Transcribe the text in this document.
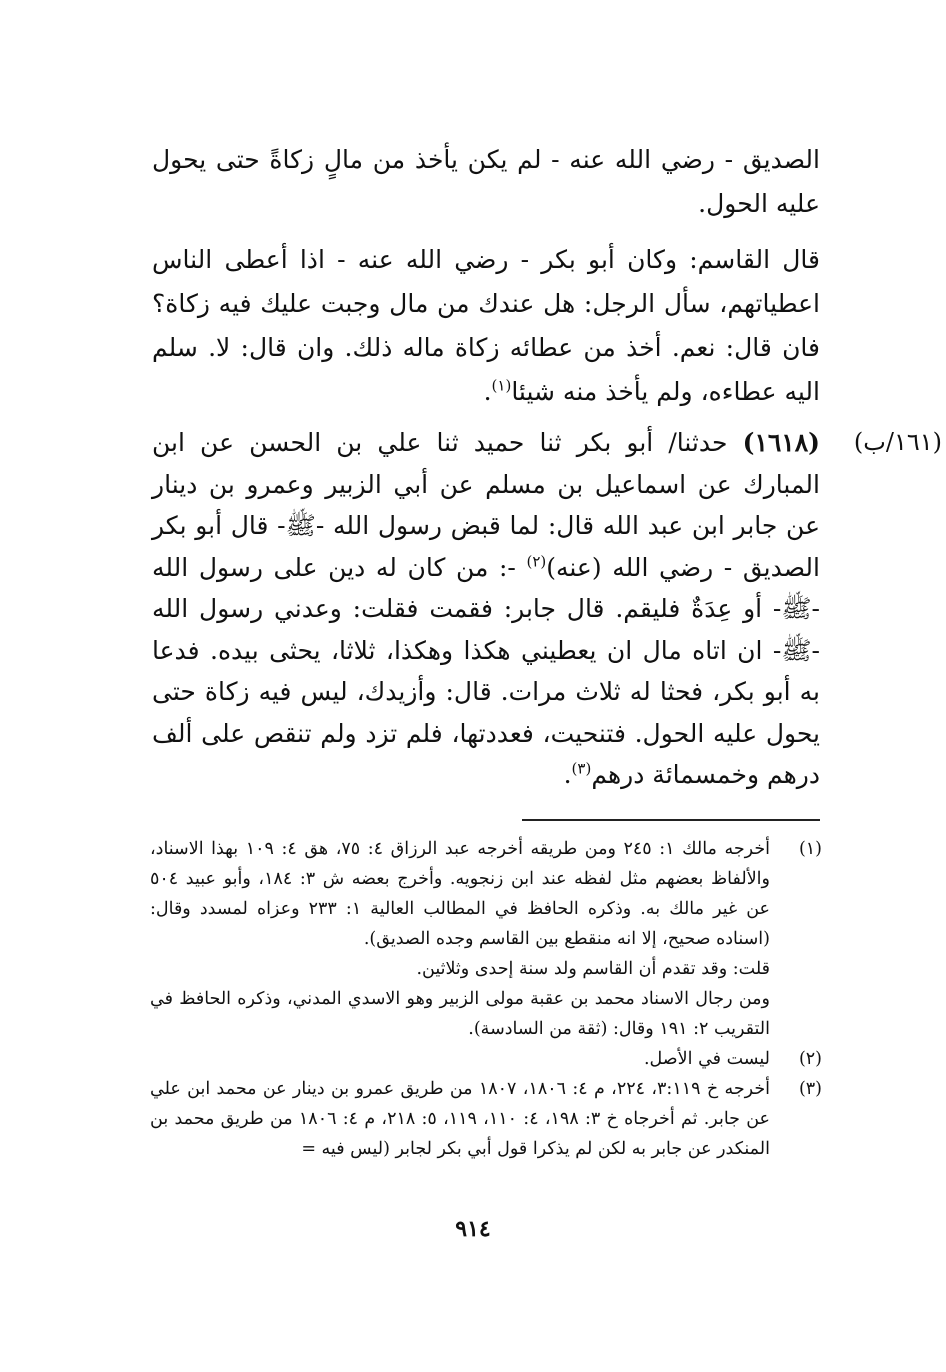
الصديق - رضي الله عنه - لم يكن يأخذ من مالٍ زكاةً حتى يحول عليه الحول.

قال القاسم: وكان أبو بكر - رضي الله عنه - اذا أعطى الناس اعطياتهم، سأل الرجل: هل عندك من مال وجبت عليك فيه زكاة؟ فان قال: نعم. أخذ من عطائه زكاة ماله ذلك. وان قال: لا. سلم اليه عطاءه، ولم يأخذ منه شيئا$^{(١)}$.

(١٦١/ب)

(١٦١٨) حدثنا/ أبو بكر ثنا حميد ثنا علي بن الحسن عن ابن المبارك عن اسماعيل بن مسلم عن أبي الزبير وعمرو بن دينار عن جابر ابن عبد الله قال: لما قبض رسول الله -ﷺ- قال أبو بكر الصديق - رضي الله (عنه)$^{(٢)}$ -: من كان له دين على رسول الله -ﷺ- أو عِدَةٌ فليقم. قال جابر: فقمت فقلت: وعدني رسول الله -ﷺ- ان اتاه مال ان يعطيني هكذا وهكذا، ثلاثا، يحثى بيده. فدعا به أبو بكر، فحثا له ثلاث مرات. قال: وأزيدك، ليس فيه زكاة حتى يحول عليه الحول. فتنحيت، فعددتها، فلم تزد ولم تنقص على ألف درهم وخمسمائة درهم$^{(٣)}$.

(١)
أخرجه مالك ١: ٢٤٥ ومن طريقه أخرجه عبد الرزاق ٤: ٧٥، هق ٤: ١٠٩ بهذا الاسناد، والألفاظ بعضهم مثل لفظه عند ابن زنجويه. وأخرج بعضه ش ٣: ١٨٤، وأبو عبيد ٥٠٤ عن غير مالك به. وذكره الحافظ في المطالب العالية ١: ٢٣٣ وعزاه لمسدد وقال: (اسناده صحيح، إلا انه منقطع بين القاسم وجده الصديق).

قلت: وقد تقدم أن القاسم ولد سنة إحدى وثلاثين.

ومن رجال الاسناد محمد بن عقبة مولى الزبير وهو الاسدي المدني، وذكره الحافظ في التقريب ٢: ١٩١ وقال: (ثقة من السادسة).

(٢)
ليست في الأصل.
(٣)
أخرجه خ ٣:١١٩، ٢٢٤، م ٤: ١٨٠٦، ١٨٠٧ من طريق عمرو بن دينار عن محمد ابن علي عن جابر. ثم أخرجاه خ ٣: ١٩٨، ٤: ١١٠، ١١٩، ٥: ٢١٨، م ٤: ١٨٠٦ من طريق محمد بن المنكدر عن جابر به لكن لم يذكرا قول أبي بكر لجابر (ليس فيه =
٩١٤
